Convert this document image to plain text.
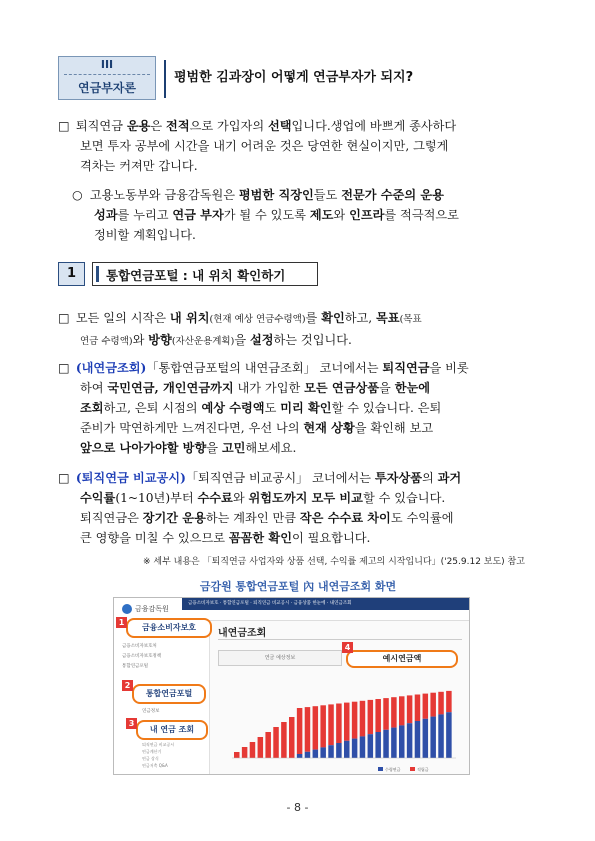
III
연금부자론
평범한 김과장이 어떻게 연금부자가 되지?

□ 퇴직연금 운용은 전적으로 가입자의 선택입니다.생업에 바쁘게 종사하다

보면 투자 공부에 시간을 내기 어려운 것은 당연한 현실이지만, 그렇게

격차는 커져만 갑니다.

○ 고용노동부와 금융감독원은 평범한 직장인들도 전문가 수준의 운용

성과를 누리고 연금 부자가 될 수 있도록 제도와 인프라를 적극적으로

정비할 계획입니다.

1	통합연금포털 : 내 위치 확인하기

□ 모든 일의 시작은 내 위치(현재 예상 연금수령액)를 확인하고, 목표(목표

연금 수령액)와 방향(자산운용계획)을 설정하는 것입니다.

□ (내연금조회)「통합연금포털의 내연금조회」 코너에서는 퇴직연금을 비롯

하여 국민연금, 개인연금까지 내가 가입한 모든 연금상품을 한눈에

조회하고, 은퇴 시점의 예상 수령액도 미리 확인할 수 있습니다. 은퇴

준비가 막연하게만 느껴진다면, 우선 나의 현재 상황을 확인해 보고

앞으로 나아가야할 방향을 고민해보세요.

□ (퇴직연금 비교공시)「퇴직연금 비교공시」 코너에서는 투자상품의 과거

수익률(1~10년)부터 수수료와 위험도까지 모두 비교할 수 있습니다.

퇴직연금은 장기간 운용하는 계좌인 만큼 작은 수수료 차이도 수익률에

큰 영향을 미칠 수 있으므로 꼼꼼한 확인이 필요합니다.

※ 세부 내용은 「퇴직연금 사업자와 상품 선택, 수익률 제고의 시작입니다」('25.9.12 보도) 참고
금감원 통합연금포털 內 내연금조회 화면
금융감독원
금융소비자보호 · 통합연금포털 · 퇴직연금 비교공시 · 금융상품 한눈에 · 내연금조회
금융소비자보호
1
금융소비자보호처
금융소비자보호정책
통합연금포털
통합연금포털
2
연금정보
내 연금 조회
3
퇴직연금 비교공시
연금계산기
연금 상식
연금저축 Q&A
내연금조회
연금 예상정보	예시연금액
4
수령연금	적립금
- 8 -
